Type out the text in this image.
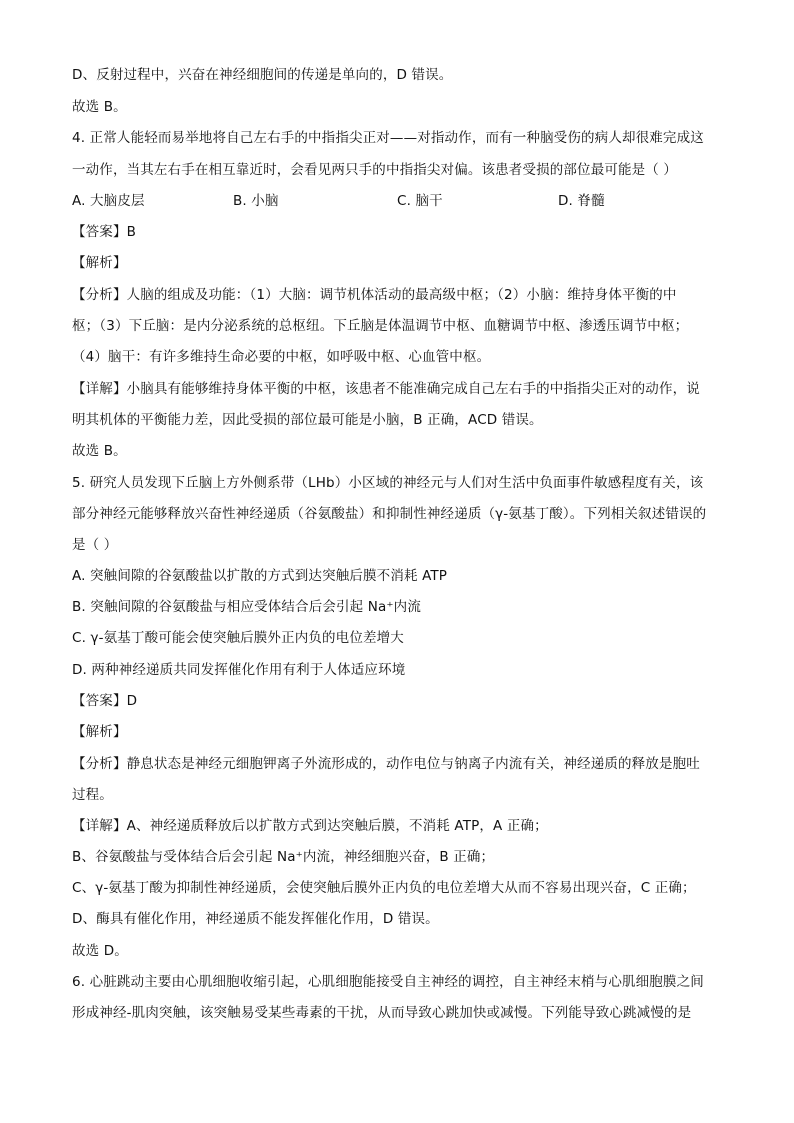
D、反射过程中，兴奋在神经细胞间的传递是单向的，D 错误。
故选 B。
4. 正常人能轻而易举地将自己左右手的中指指尖正对——对指动作，而有一种脑受伤的病人却很难完成这
一动作，当其左右手在相互靠近时，会看见两只手的中指指尖对偏。该患者受损的部位最可能是（ ）
A. 大脑皮层	B. 小脑	C. 脑干	D. 脊髓
【答案】B
【解析】
【分析】人脑的组成及功能：（1）大脑：调节机体活动的最高级中枢；（2）小脑：维持身体平衡的中
枢；（3）下丘脑：是内分泌系统的总枢纽。下丘脑是体温调节中枢、血糖调节中枢、渗透压调节中枢；
（4）脑干：有许多维持生命必要的中枢，如呼吸中枢、心血管中枢。
【详解】小脑具有能够维持身体平衡的中枢，该患者不能准确完成自己左右手的中指指尖正对的动作，说
明其机体的平衡能力差，因此受损的部位最可能是小脑，B 正确，ACD 错误。
故选 B。
5. 研究人员发现下丘脑上方外侧系带（LHb）小区域的神经元与人们对生活中负面事件敏感程度有关，该
部分神经元能够释放兴奋性神经递质（谷氨酸盐）和抑制性神经递质（γ-氨基丁酸）。下列相关叙述错误的
是（ ）
A. 突触间隙的谷氨酸盐以扩散的方式到达突触后膜不消耗 ATP
B. 突触间隙的谷氨酸盐与相应受体结合后会引起 Na⁺内流
C. γ-氨基丁酸可能会使突触后膜外正内负的电位差增大
D. 两种神经递质共同发挥催化作用有利于人体适应环境
【答案】D
【解析】
【分析】静息状态是神经元细胞钾离子外流形成的，动作电位与钠离子内流有关，神经递质的释放是胞吐
过程。
【详解】A、神经递质释放后以扩散方式到达突触后膜，不消耗 ATP，A 正确；
B、谷氨酸盐与受体结合后会引起 Na⁺内流，神经细胞兴奋，B 正确；
C、γ-氨基丁酸为抑制性神经递质，会使突触后膜外正内负的电位差增大从而不容易出现兴奋，C 正确；
D、酶具有催化作用，神经递质不能发挥催化作用，D 错误。
故选 D。
6. 心脏跳动主要由心肌细胞收缩引起，心肌细胞能接受自主神经的调控，自主神经末梢与心肌细胞膜之间
形成神经-肌肉突触，该突触易受某些毒素的干扰，从而导致心跳加快或减慢。下列能导致心跳减慢的是
